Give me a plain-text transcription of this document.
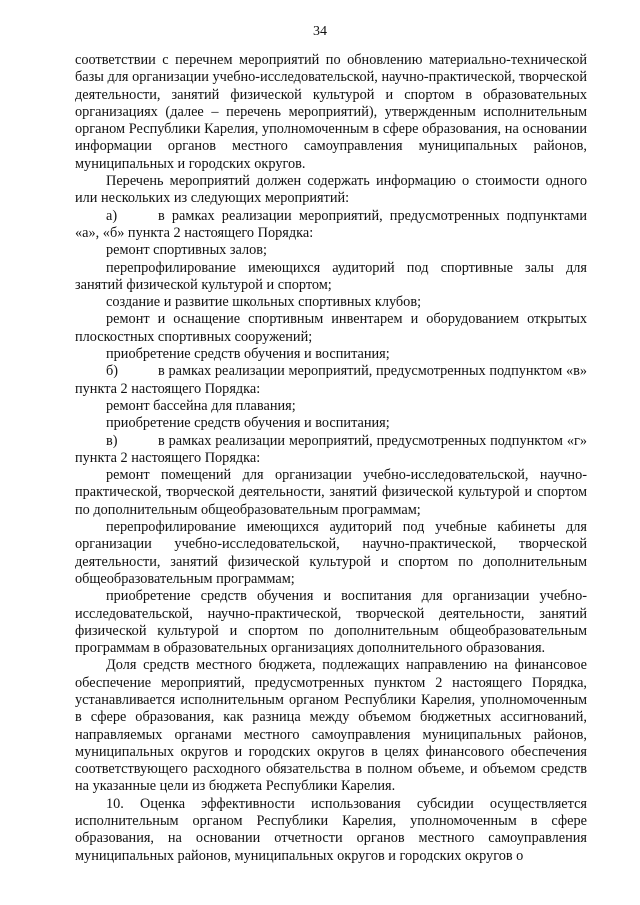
34

соответствии с перечнем мероприятий по обновлению материально-технической базы для организации учебно-исследовательской, научно-практической, творческой деятельности, занятий физической культурой и спортом в образовательных организациях (далее – перечень мероприятий), утвержденным исполнительным органом Республики Карелия, уполномоченным в сфере образования, на основании информации органов местного самоуправления муниципальных районов, муниципальных и городских округов.

Перечень мероприятий должен содержать информацию о стоимости одного или нескольких из следующих мероприятий:

а)	в рамках реализации мероприятий, предусмотренных подпунктами «а», «б» пункта 2 настоящего Порядка:

ремонт спортивных залов;

перепрофилирование имеющихся аудиторий под спортивные залы для занятий физической культурой и спортом;

создание и развитие школьных спортивных клубов;

ремонт и оснащение спортивным инвентарем и оборудованием открытых плоскостных спортивных сооружений;

приобретение средств обучения и воспитания;

б)	в рамках реализации мероприятий, предусмотренных подпунктом «в» пункта 2 настоящего Порядка:

ремонт бассейна для плавания;

приобретение средств обучения и воспитания;

в)	в рамках реализации мероприятий, предусмотренных подпунктом «г» пункта 2 настоящего Порядка:

ремонт помещений для организации учебно-исследовательской, научно-практической, творческой деятельности, занятий физической культурой и спортом по дополнительным общеобразовательным программам;

перепрофилирование имеющихся аудиторий под учебные кабинеты для организации учебно-исследовательской, научно-практической, творческой деятельности, занятий физической культурой и спортом по дополнительным общеобразовательным программам;

приобретение средств обучения и воспитания для организации учебно-исследовательской, научно-практической, творческой деятельности, занятий физической культурой и спортом по дополнительным общеобразовательным программам в образовательных организациях дополнительного образования.

Доля средств местного бюджета, подлежащих направлению на финансовое обеспечение мероприятий, предусмотренных пунктом 2 настоящего Порядка, устанавливается исполнительным органом Республики Карелия, уполномоченным в сфере образования, как разница между объемом бюджетных ассигнований, направляемых органами местного самоуправления муниципальных районов, муниципальных округов и городских округов в целях финансового обеспечения соответствующего расходного обязательства в полном объеме, и объемом средств на указанные цели из бюджета Республики Карелия.

10. Оценка эффективности использования субсидии осуществляется исполнительным органом Республики Карелия, уполномоченным в сфере образования, на основании отчетности органов местного самоуправления муниципальных районов, муниципальных округов и городских округов о
